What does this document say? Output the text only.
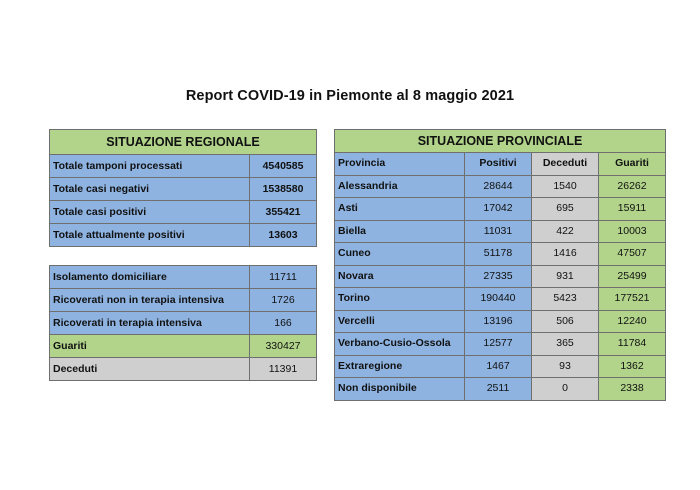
Report COVID-19 in Piemonte al 8 maggio 2021
SITUAZIONE REGIONALE	
Totale tamponi processati	4540585
Totale casi negativi	1538580
Totale casi positivi	355421
Totale attualmente positivi	13603
Isolamento domiciliare	11711
Ricoverati non in terapia intensiva	1726
Ricoverati in terapia intensiva	166
Guariti	330427
Deceduti	11391
SITUAZIONE PROVINCIALE			
Provincia	Positivi	Deceduti	Guariti
Alessandria	28644	1540	26262
Asti	17042	695	15911
Biella	11031	422	10003
Cuneo	51178	1416	47507
Novara	27335	931	25499
Torino	190440	5423	177521
Vercelli	13196	506	12240
Verbano-Cusio-Ossola	12577	365	11784
Extraregione	1467	93	1362
Non disponibile	2511	0	2338
